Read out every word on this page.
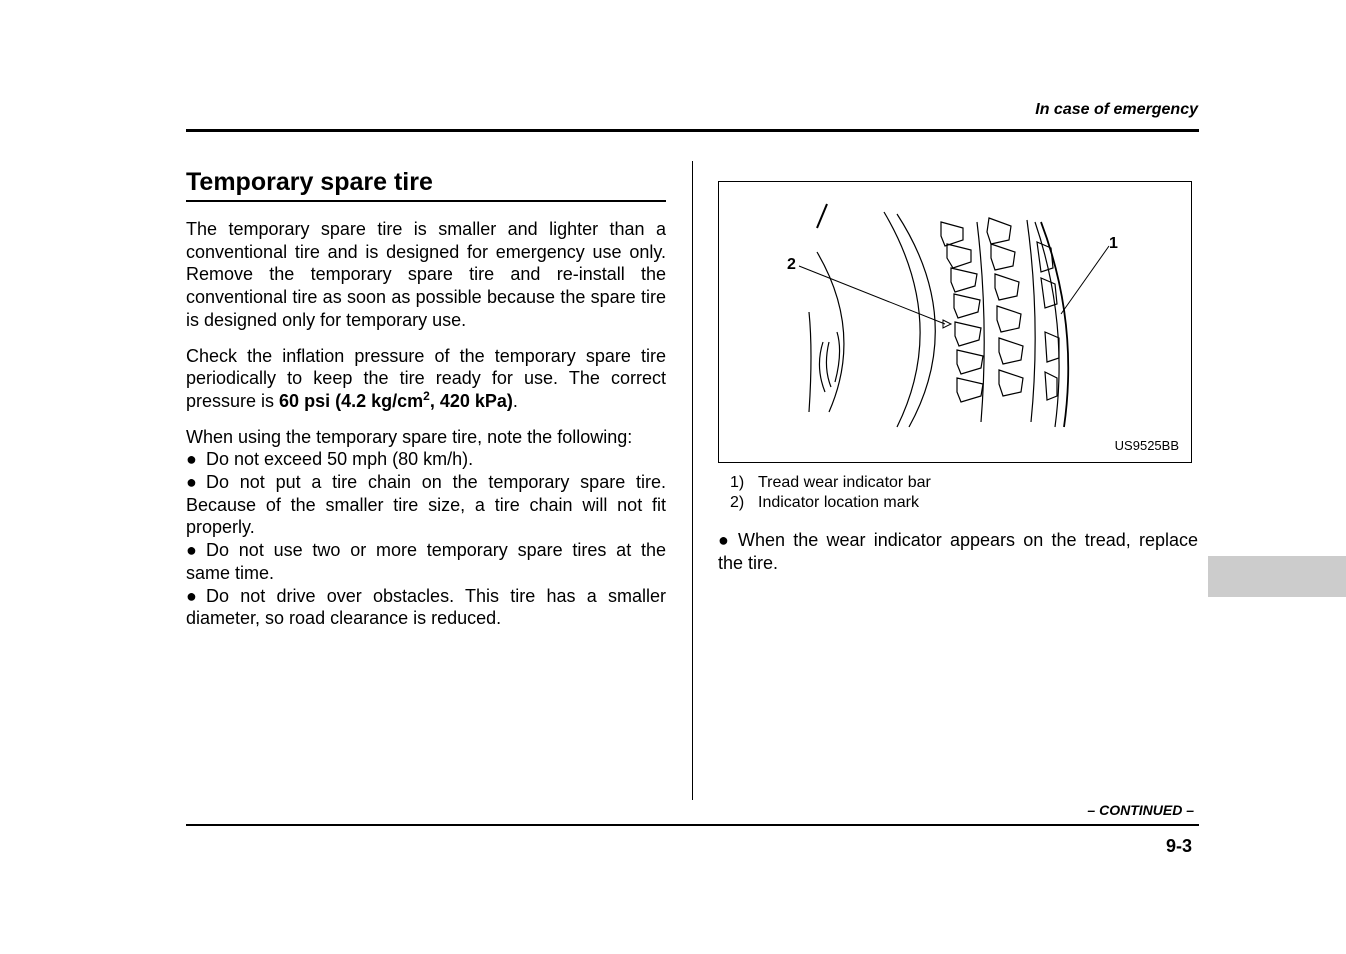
In case of emergency
Temporary spare tire

The temporary spare tire is smaller and lighter than a conventional tire and is designed for emergency use only. Remove the temporary spare tire and re-install the conventional tire as soon as possible because the spare tire is designed only for temporary use.

Check the inflation pressure of the temporary spare tire periodically to keep the tire ready for use. The correct pressure is 60 psi (4.2 $kg/cm^2$, 420 kPa).

When using the temporary spare tire, note the following:

● Do not exceed 50 mph (80 km/h).

● Do not put a tire chain on the temporary spare tire. Because of the smaller tire size, a tire chain will not fit properly.

● Do not use two or more temporary spare tires at the same time.

● Do not drive over obstacles. This tire has a smaller diameter, so road clearance is reduced.

2
1
US9525BB
1) Tread wear indicator bar
2) Indicator location mark

● When the wear indicator appears on the tread, replace the tire.

– CONTINUED –
9-3
